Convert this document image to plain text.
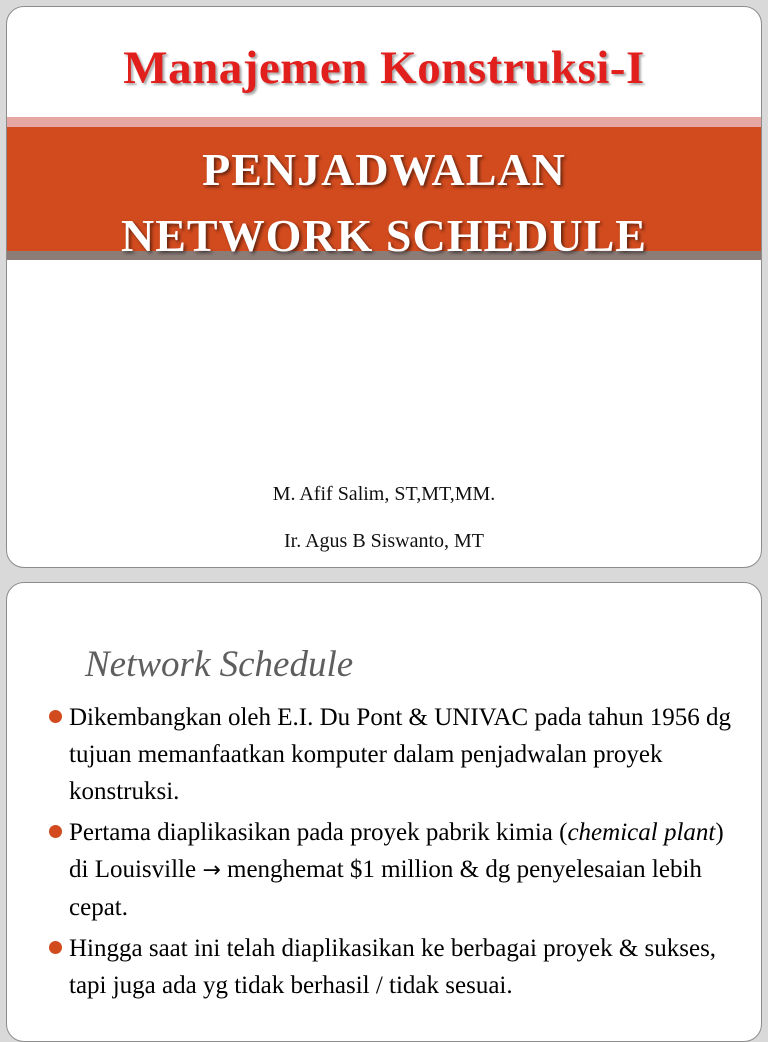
Manajemen Konstruksi-I
PENJADWALAN
NETWORK SCHEDULE
M. Afif Salim, ST,MT,MM.
Ir. Agus B Siswanto, MT
Network Schedule
Dikembangkan oleh E.I. Du Pont & UNIVAC pada tahun 1956 dg tujuan memanfaatkan komputer dalam penjadwalan proyek konstruksi.
Pertama diaplikasikan pada proyek pabrik kimia (chemical plant) di Louisville → menghemat $1 million & dg penyelesaian lebih cepat.
Hingga saat ini telah diaplikasikan ke berbagai proyek & sukses, tapi juga ada yg tidak berhasil / tidak sesuai.
